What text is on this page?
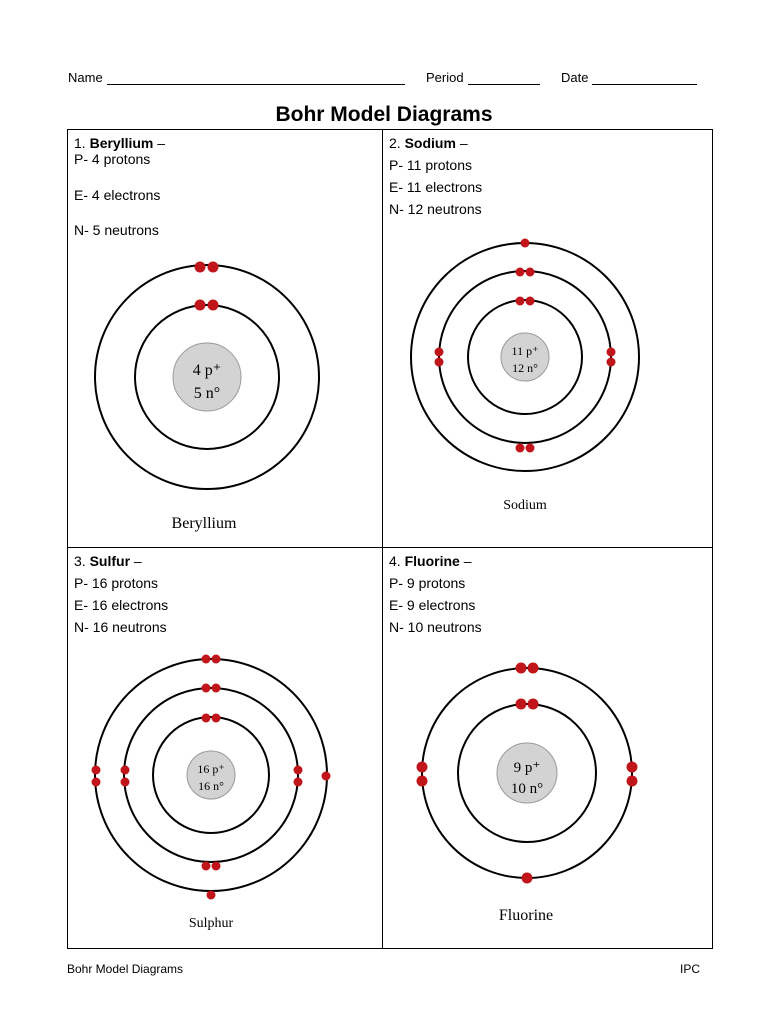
Name	Period	Date
Bohr Model Diagrams
1. Beryllium –
P- 4 protons
E- 4 electrons
N- 5 neutrons
2. Sodium –
P- 11 protons
E- 11 electrons
N- 12 neutrons
3. Sulfur –
P- 16 protons
E- 16 electrons
N- 16 neutrons
4. Fluorine –
P- 9 protons
E- 9 electrons
N- 10 neutrons
4 p⁺
5 n°
Beryllium
11 p⁺
12 n°
Sodium
16 p⁺
16 n°
Sulphur
9 p⁺
10 n°
Fluorine
Bohr Model Diagrams	IPC
